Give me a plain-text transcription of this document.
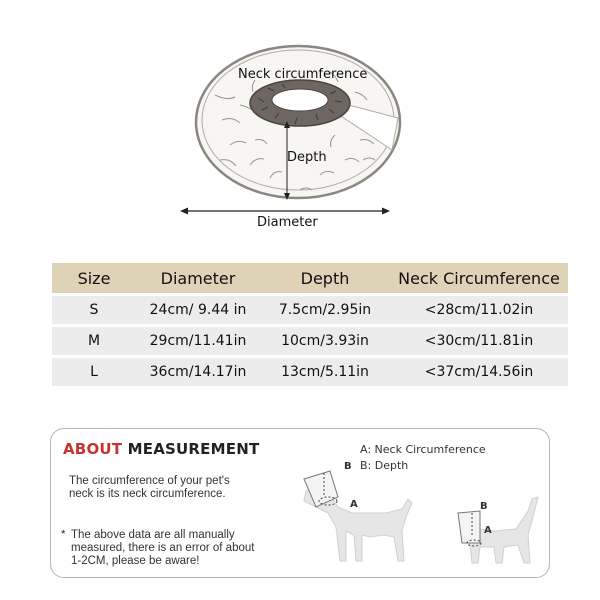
Neck circumference
Depth
Diameter
Size	Diameter	Depth	Neck Circumference
S	24cm/ 9.44 in	7.5cm/2.95in	<28cm/11.02in
M	29cm/11.41in	10cm/3.93in	<30cm/11.81in
L	36cm/14.17in	13cm/5.11in	<37cm/14.56in
ABOUT MEASUREMENT	A: Neck Circumference
B: Depth
The circumference of your pet's neck is its neck circumference.
* The above data are all manually measured, there is an error of about 1-2CM, please be aware!
B
A	B
A
